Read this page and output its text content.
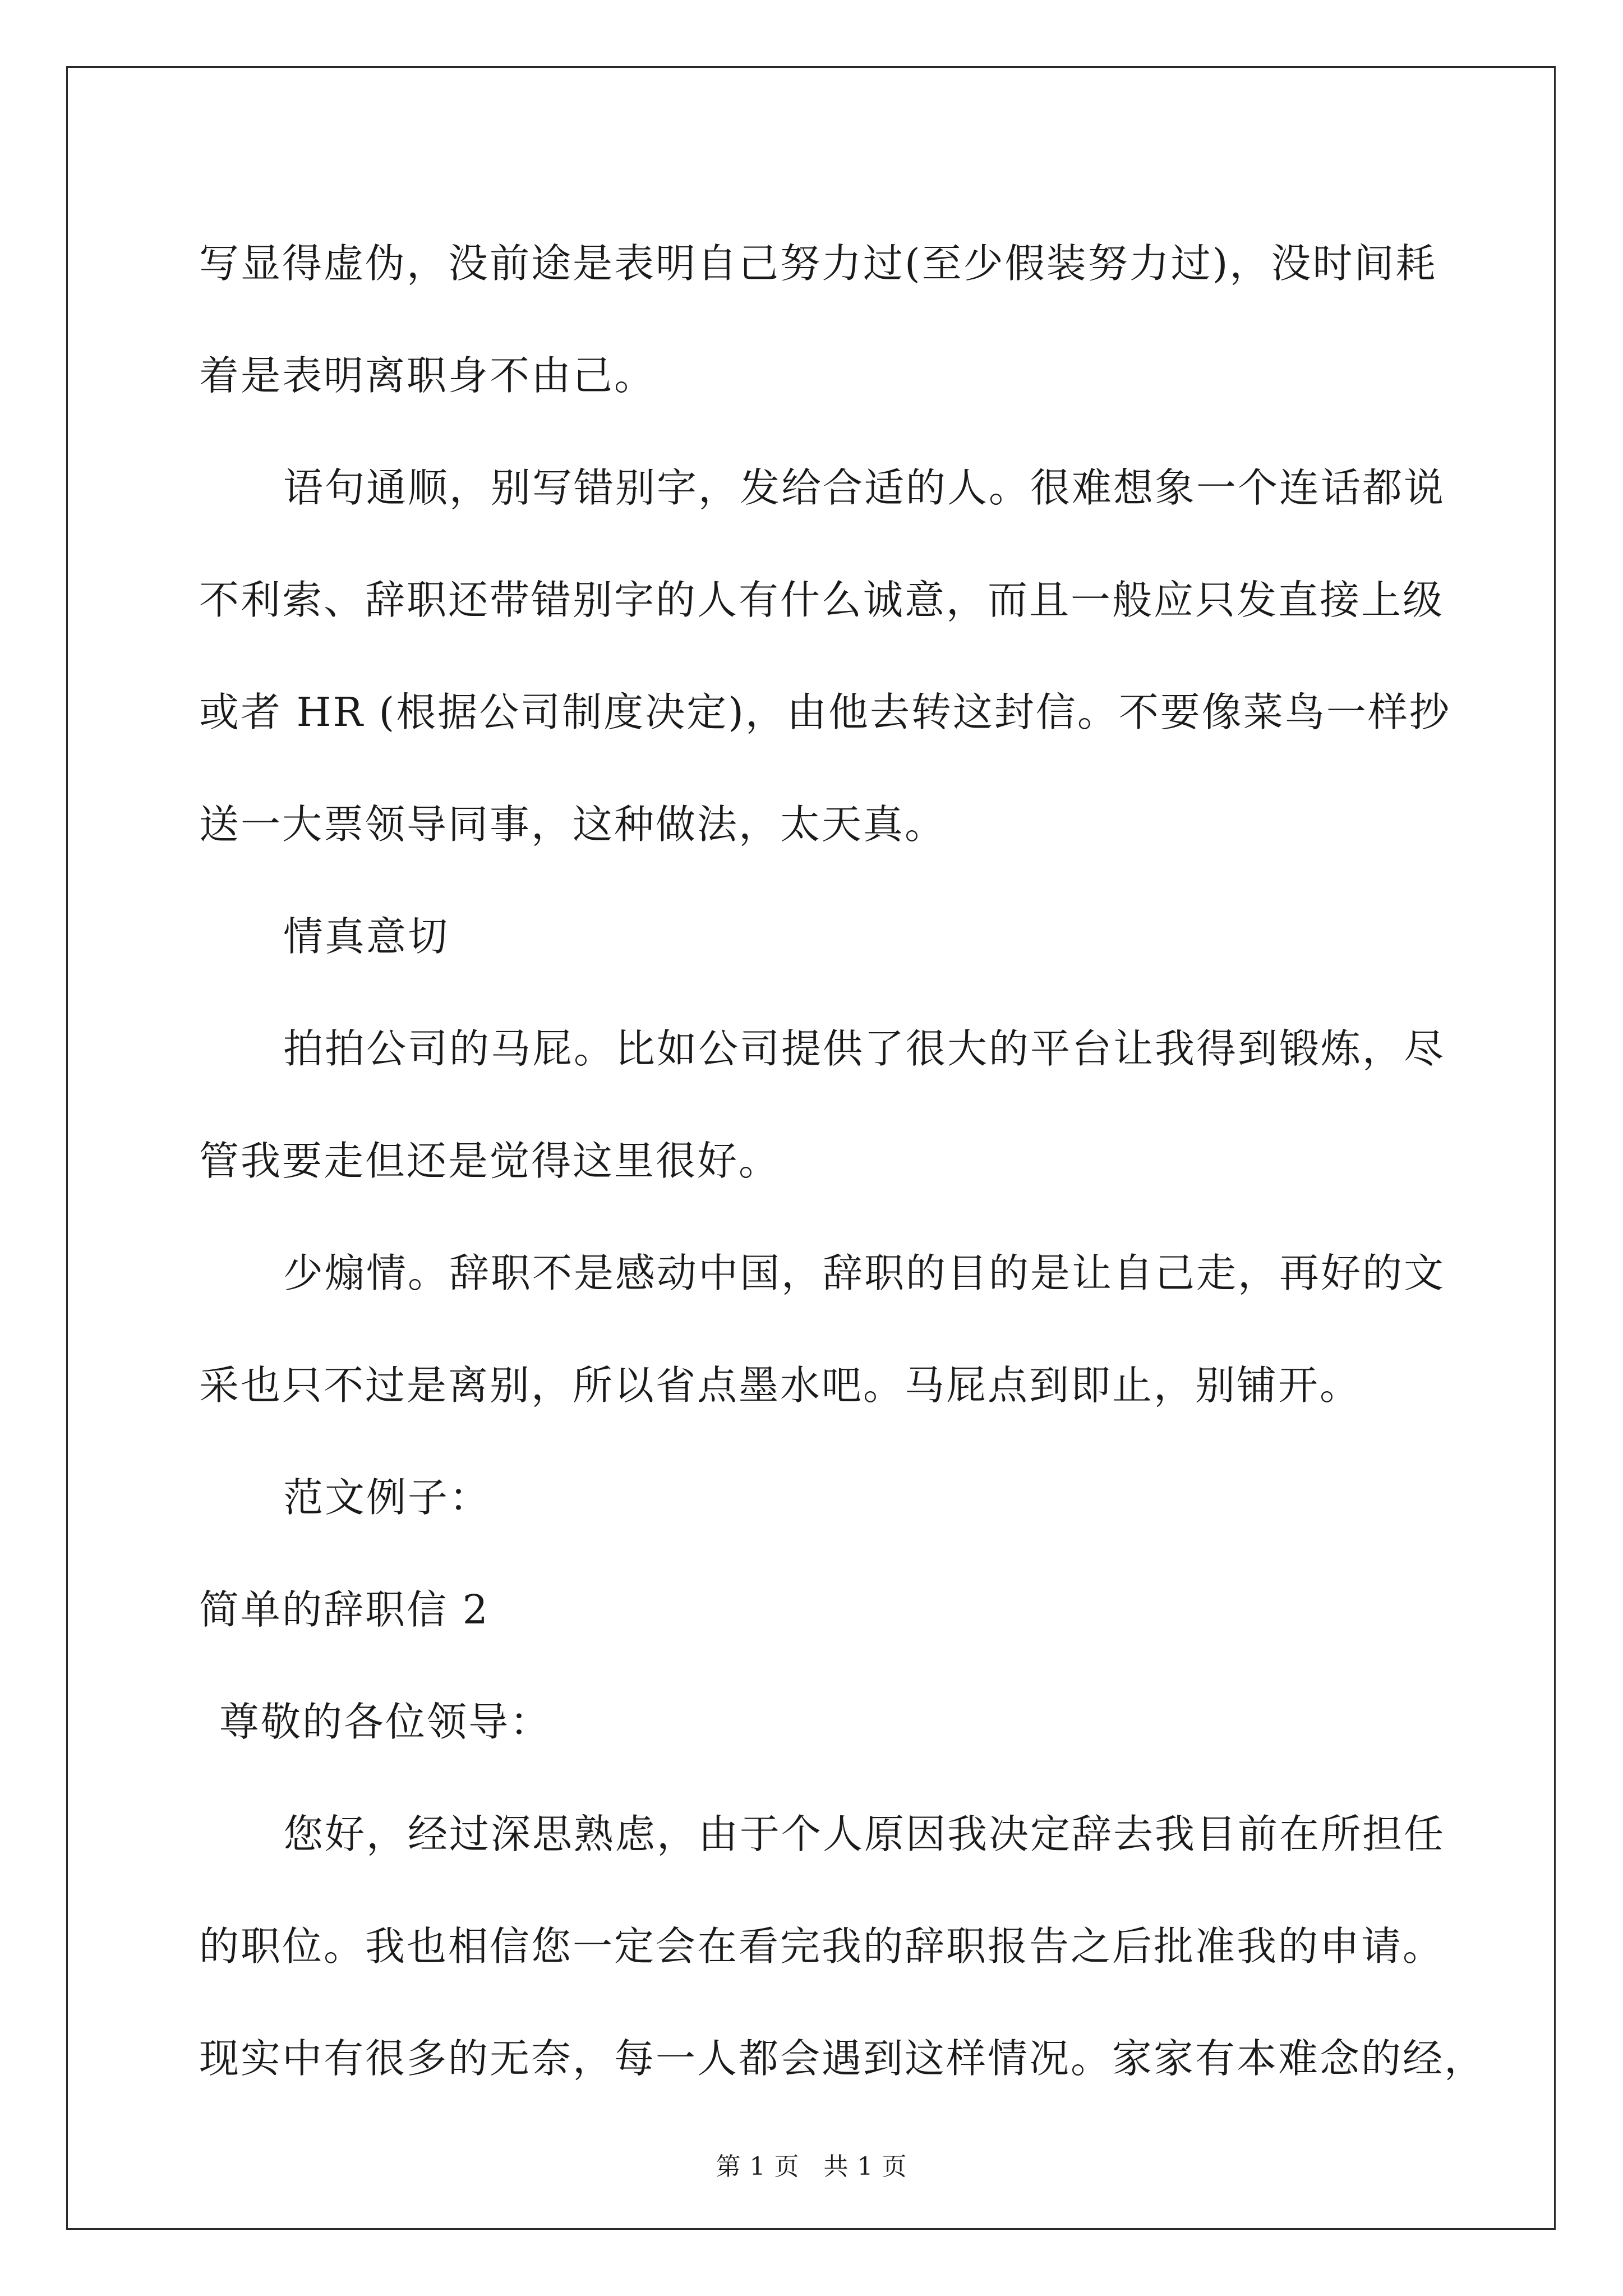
写显得虚伪，没前途是表明自己努力过(至少假装努力过)，没时间耗
着是表明离职身不由己。
语句通顺，别写错别字，发给合适的人。很难想象一个连话都说
不利索、辞职还带错别字的人有什么诚意，而且一般应只发直接上级
或者 HR (根据公司制度决定)，由他去转这封信。不要像菜鸟一样抄
送一大票领导同事，这种做法，太天真。
情真意切
拍拍公司的马屁。比如公司提供了很大的平台让我得到锻炼，尽
管我要走但还是觉得这里很好。
少煽情。辞职不是感动中国，辞职的目的是让自己走，再好的文
采也只不过是离别，所以省点墨水吧。马屁点到即止，别铺开。
范文例子：
简单的辞职信 2
尊敬的各位领导：
您好，经过深思熟虑，由于个人原因我决定辞去我目前在所担任
的职位。我也相信您一定会在看完我的辞职报告之后批准我的申请。
现实中有很多的无奈，每一人都会遇到这样情况。家家有本难念的经，
第 1 页 共 1 页
